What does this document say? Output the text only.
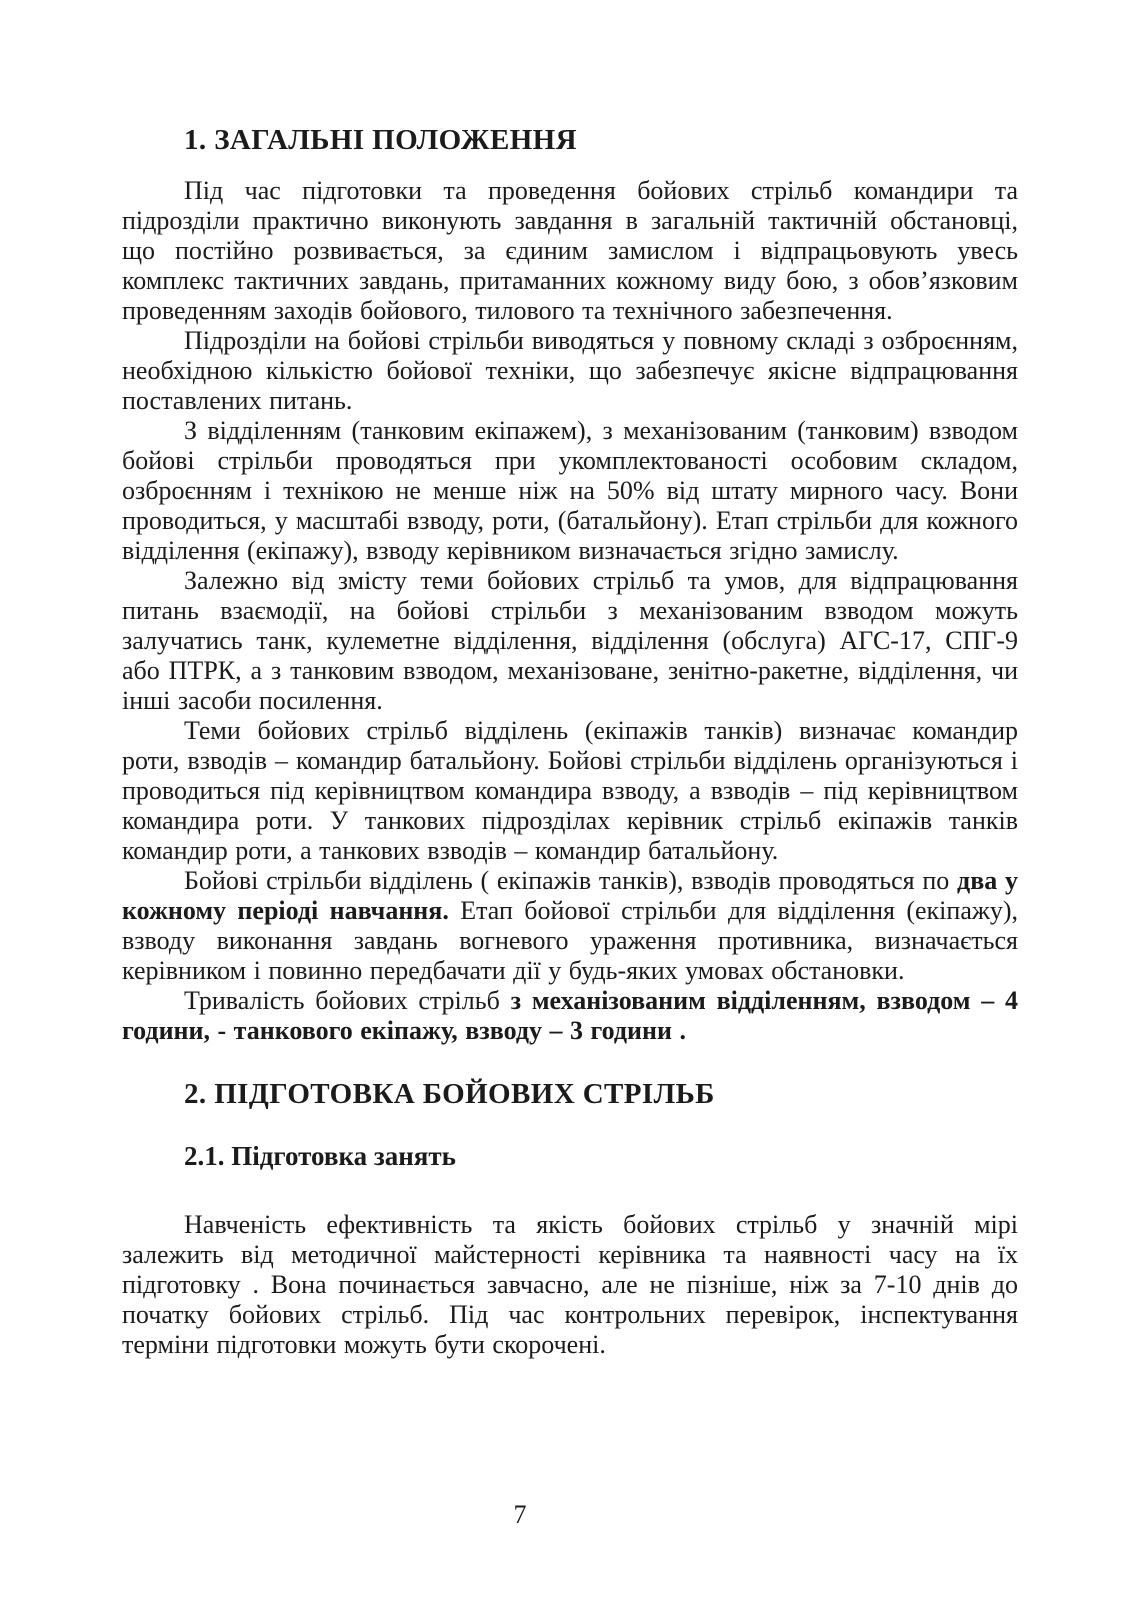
1. ЗАГАЛЬНІ ПОЛОЖЕННЯ

Під час підготовки та проведення бойових стрільб командири та підрозділи практично виконують завдання в загальній тактичній обстановці, що постійно розвивається, за єдиним замислом і відпрацьовують увесь комплекс тактичних завдань, притаманних кожному виду бою, з обов’язковим проведенням заходів бойового, тилового та технічного забезпечення.

Підрозділи на бойові стрільби виводяться у повному складі з озброєнням, необхідною кількістю бойової техніки, що забезпечує якісне відпрацювання поставлених питань.

З відділенням (танковим екіпажем), з механізованим (танковим) взводом бойові стрільби проводяться при укомплектованості особовим складом, озброєнням і технікою не менше ніж на 50% від штату мирного часу. Вони проводиться, у масштабі взводу, роти, (батальйону). Етап стрільби для кожного відділення (екіпажу), взводу керівником визначається згідно замислу.

Залежно від змісту теми бойових стрільб та умов, для відпрацювання питань взаємодії, на бойові стрільби з механізованим взводом можуть залучатись танк, кулеметне відділення, відділення (обслуга) АГС-17, СПГ-9 або ПТРК, а з танковим взводом, механізоване, зенітно-ракетне, відділення, чи інші засоби посилення.

Теми бойових стрільб відділень (екіпажів танків) визначає командир роти, взводів – командир батальйону. Бойові стрільби відділень організуються і проводиться під керівництвом командира взводу, а взводів – під керівництвом командира роти. У танкових підрозділах керівник стрільб екіпажів танків командир роти, а танкових взводів – командир батальйону.

Бойові стрільби відділень ( екіпажів танків), взводів проводяться по два у кожному періоді навчання. Етап бойової стрільби для відділення (екіпажу), взводу виконання завдань вогневого ураження противника, визначається керівником і повинно передбачати дії у будь-яких умовах обстановки.

Тривалість бойових стрільб з механізованим відділенням, взводом – 4 години, - танкового екіпажу, взводу – 3 години .

2. ПІДГОТОВКА БОЙОВИХ СТРІЛЬБ
2.1. Підготовка занять

Навченість ефективність та якість бойових стрільб у значній мірі залежить від методичної майстерності керівника та наявності часу на їх підготовку . Вона починається завчасно, але не пізніше, ніж за 7-10 днів до початку бойових стрільб. Під час контрольних перевірок, інспектування терміни підготовки можуть бути скорочені.

7
